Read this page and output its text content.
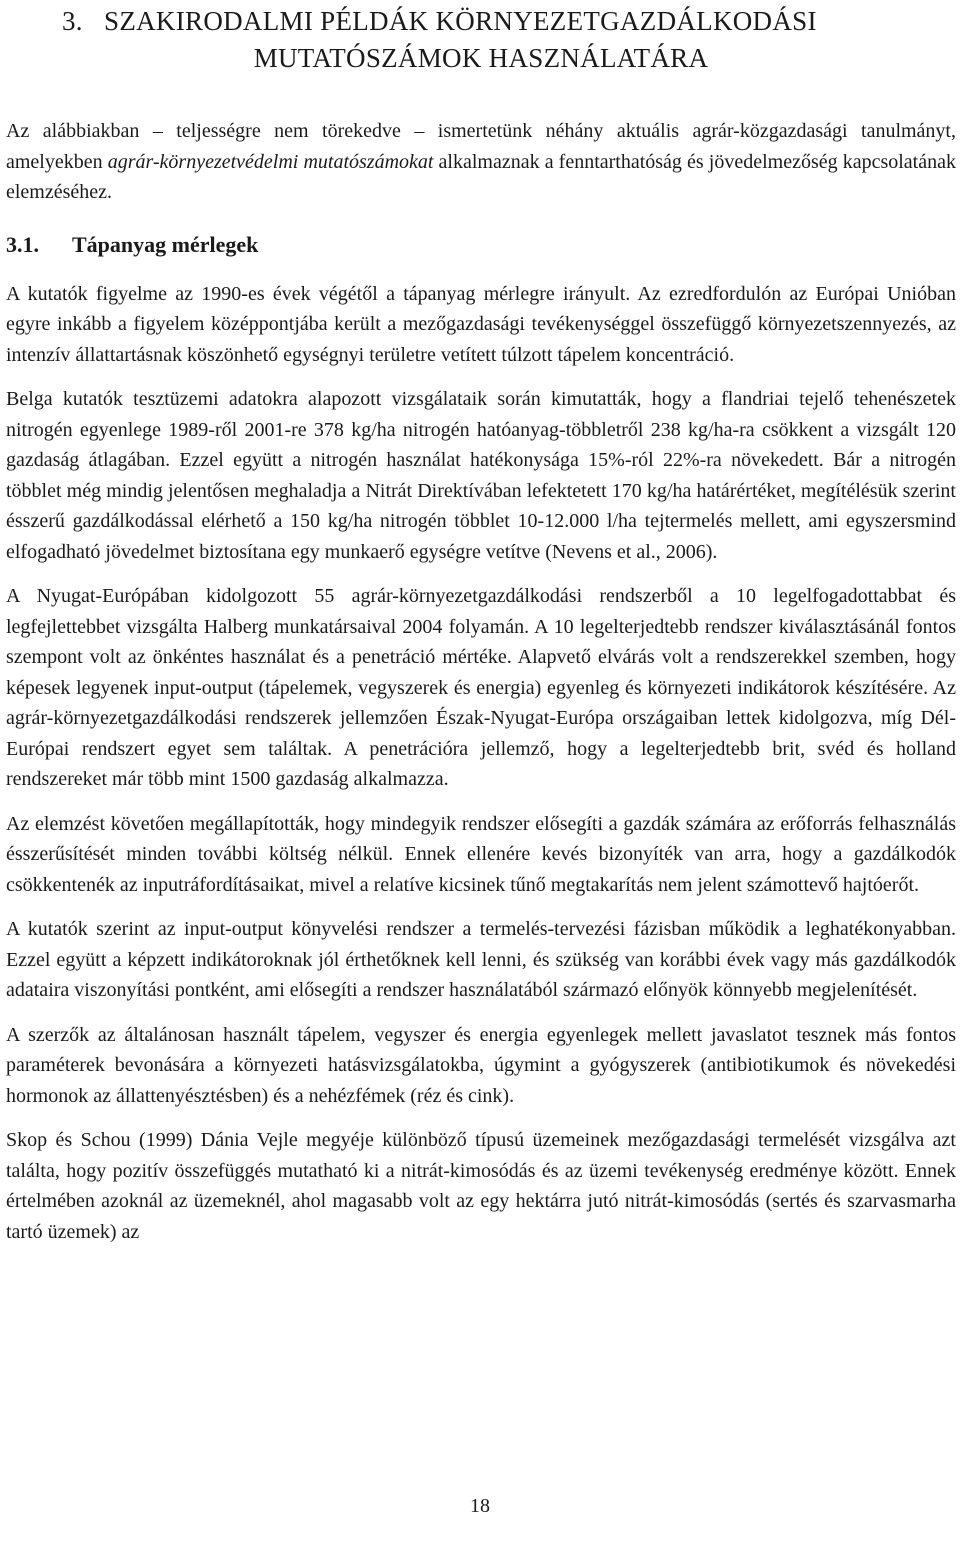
3. SZAKIRODALMI PÉLDÁK KÖRNYEZETGAZDÁLKODÁSI
MUTATÓSZÁMOK HASZNÁLATÁRA

Az alábbiakban – teljességre nem törekedve – ismertetünk néhány aktuális agrár-közgazdasági tanulmányt, amelyekben agrár-környezetvédelmi mutatószámokat alkalmaznak a fenntarthatóság és jövedelmezőség kapcsolatának elemzéséhez.

3.1. Tápanyag mérlegek

A kutatók figyelme az 1990-es évek végétől a tápanyag mérlegre irányult. Az ezredfordulón az Európai Unióban egyre inkább a figyelem középpontjába került a mezőgazdasági tevékenységgel összefüggő környezetszennyezés, az intenzív állattartásnak köszönhető egységnyi területre vetített túlzott tápelem koncentráció.

Belga kutatók tesztüzemi adatokra alapozott vizsgálataik során kimutatták, hogy a flandriai tejelő tehenészetek nitrogén egyenlege 1989-ről 2001-re 378 kg/ha nitrogén hatóanyag-többletről 238 kg/ha-ra csökkent a vizsgált 120 gazdaság átlagában. Ezzel együtt a nitrogén használat hatékonysága 15%-ról 22%-ra növekedett. Bár a nitrogén többlet még mindig jelentősen meghaladja a Nitrát Direktívában lefektetett 170 kg/ha határértéket, megítélésük szerint ésszerű gazdálkodással elérhető a 150 kg/ha nitrogén többlet 10-12.000 l/ha tejtermelés mellett, ami egyszersmind elfogadható jövedelmet biztosítana egy munkaerő egységre vetítve (Nevens et al., 2006).

A Nyugat-Európában kidolgozott 55 agrár-környezetgazdálkodási rendszerből a 10 legelfogadottabbat és legfejlettebbet vizsgálta Halberg munkatársaival 2004 folyamán. A 10 legelterjedtebb rendszer kiválasztásánál fontos szempont volt az önkéntes használat és a penetráció mértéke. Alapvető elvárás volt a rendszerekkel szemben, hogy képesek legyenek input-output (tápelemek, vegyszerek és energia) egyenleg és környezeti indikátorok készítésére. Az agrár-környezetgazdálkodási rendszerek jellemzően Észak-Nyugat-Európa országaiban lettek kidolgozva, míg Dél-Európai rendszert egyet sem találtak. A penetrációra jellemző, hogy a legelterjedtebb brit, svéd és holland rendszereket már több mint 1500 gazdaság alkalmazza.

Az elemzést követően megállapították, hogy mindegyik rendszer elősegíti a gazdák számára az erőforrás felhasználás ésszerűsítését minden további költség nélkül. Ennek ellenére kevés bizonyíték van arra, hogy a gazdálkodók csökkentenék az inputráfordításaikat, mivel a relatíve kicsinek tűnő megtakarítás nem jelent számottevő hajtóerőt.

A kutatók szerint az input-output könyvelési rendszer a termelés-tervezési fázisban működik a leghatékonyabban. Ezzel együtt a képzett indikátoroknak jól érthetőknek kell lenni, és szükség van korábbi évek vagy más gazdálkodók adataira viszonyítási pontként, ami elősegíti a rendszer használatából származó előnyök könnyebb megjelenítését.

A szerzők az általánosan használt tápelem, vegyszer és energia egyenlegek mellett javaslatot tesznek más fontos paraméterek bevonására a környezeti hatásvizsgálatokba, úgymint a gyógyszerek (antibiotikumok és növekedési hormonok az állattenyésztésben) és a nehézfémek (réz és cink).

Skop és Schou (1999) Dánia Vejle megyéje különböző típusú üzemeinek mezőgazdasági termelését vizsgálva azt találta, hogy pozitív összefüggés mutatható ki a nitrát-kimosódás és az üzemi tevékenység eredménye között. Ennek értelmében azoknál az üzemeknél, ahol magasabb volt az egy hektárra jutó nitrát-kimosódás (sertés és szarvasmarha tartó üzemek) az

18
